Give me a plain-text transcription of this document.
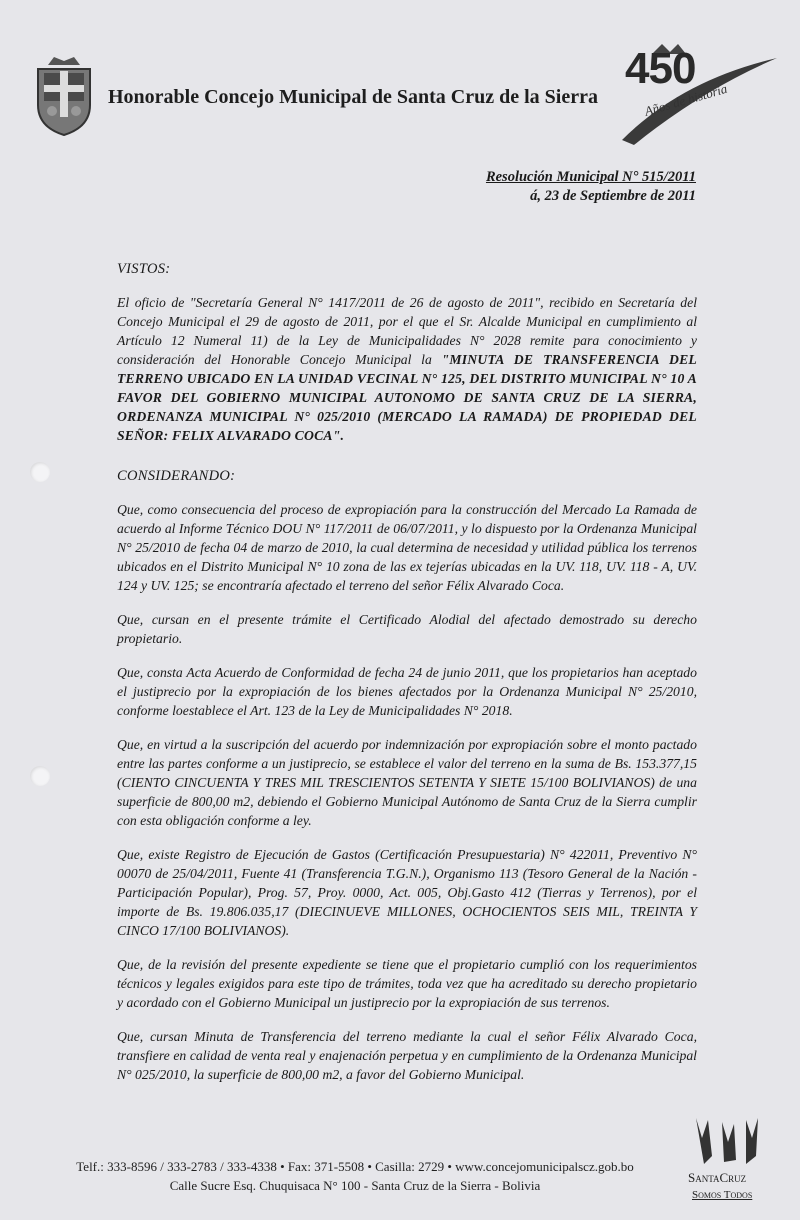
Honorable Concejo Municipal de Santa Cruz de la Sierra
450
Años de historia
Resolución Municipal N° 515/2011
á, 23 de Septiembre de 2011
VISTOS:
El oficio de "Secretaría General N° 1417/2011 de 26 de agosto de 2011", recibido en Secretaría del Concejo Municipal el 29 de agosto de 2011, por el que el Sr. Alcalde Municipal en cumplimiento al Artículo 12 Numeral 11) de la Ley de Municipalidades N° 2028 remite para conocimiento y consideración del Honorable Concejo Municipal la "MINUTA DE TRANSFERENCIA DEL TERRENO UBICADO EN LA UNIDAD VECINAL N° 125, DEL DISTRITO MUNICIPAL N° 10 A FAVOR DEL GOBIERNO MUNICIPAL AUTONOMO DE SANTA CRUZ DE LA SIERRA, ORDENANZA MUNICIPAL N° 025/2010 (MERCADO LA RAMADA) DE PROPIEDAD DEL SEÑOR: FELIX ALVARADO COCA".
CONSIDERANDO:
Que, como consecuencia del proceso de expropiación para la construcción del Mercado La Ramada de acuerdo al Informe Técnico DOU N° 117/2011 de 06/07/2011, y lo dispuesto por la Ordenanza Municipal N° 25/2010 de fecha 04 de marzo de 2010, la cual determina de necesidad y utilidad pública los terrenos ubicados en el Distrito Municipal N° 10 zona de las ex tejerías ubicadas en la UV. 118, UV. 118 - A, UV. 124 y UV. 125; se encontraría afectado el terreno del señor Félix Alvarado Coca.
Que, cursan en el presente trámite el Certificado Alodial del afectado demostrado su derecho propietario.
Que, consta Acta Acuerdo de Conformidad de fecha 24 de junio 2011, que los propietarios han aceptado el justiprecio por la expropiación de los bienes afectados por la Ordenanza Municipal N° 25/2010, conforme loestablece el Art. 123 de la Ley de Municipalidades N° 2018.
Que, en virtud a la suscripción del acuerdo por indemnización por expropiación sobre el monto pactado entre las partes conforme a un justiprecio, se establece el valor del terreno en la suma de Bs. 153.377,15 (CIENTO CINCUENTA Y TRES MIL TRESCIENTOS SETENTA Y SIETE 15/100 BOLIVIANOS) de una superficie de 800,00 m2, debiendo el Gobierno Municipal Autónomo de Santa Cruz de la Sierra cumplir con esta obligación conforme a ley.
Que, existe Registro de Ejecución de Gastos (Certificación Presupuestaria) N° 422011, Preventivo N° 00070 de 25/04/2011, Fuente 41 (Transferencia T.G.N.), Organismo 113 (Tesoro General de la Nación - Participación Popular), Prog. 57, Proy. 0000, Act. 005, Obj.Gasto 412 (Tierras y Terrenos), por el importe de Bs. 19.806.035,17 (DIECINUEVE MILLONES, OCHOCIENTOS SEIS MIL, TREINTA Y CINCO 17/100 BOLIVIANOS).
Que, de la revisión del presente expediente se tiene que el propietario cumplió con los requerimientos técnicos y legales exigidos para este tipo de trámites, toda vez que ha acreditado su derecho propietario y acordado con el Gobierno Municipal un justiprecio por la expropiación de sus terrenos.
Que, cursan Minuta de Transferencia del terreno mediante la cual el señor Félix Alvarado Coca, transfiere en calidad de venta real y enajenación perpetua y en cumplimiento de la Ordenanza Municipal N° 025/2010, la superficie de 800,00 m2, a favor del Gobierno Municipal.
Telf.: 333-8596 / 333-2783 / 333-4338 • Fax: 371-5508 • Casilla: 2729 • www.concejomunicipalscz.gob.bo
Calle Sucre Esq. Chuquisaca N° 100 - Santa Cruz de la Sierra - Bolivia
SantaCruz
Somos Todos
